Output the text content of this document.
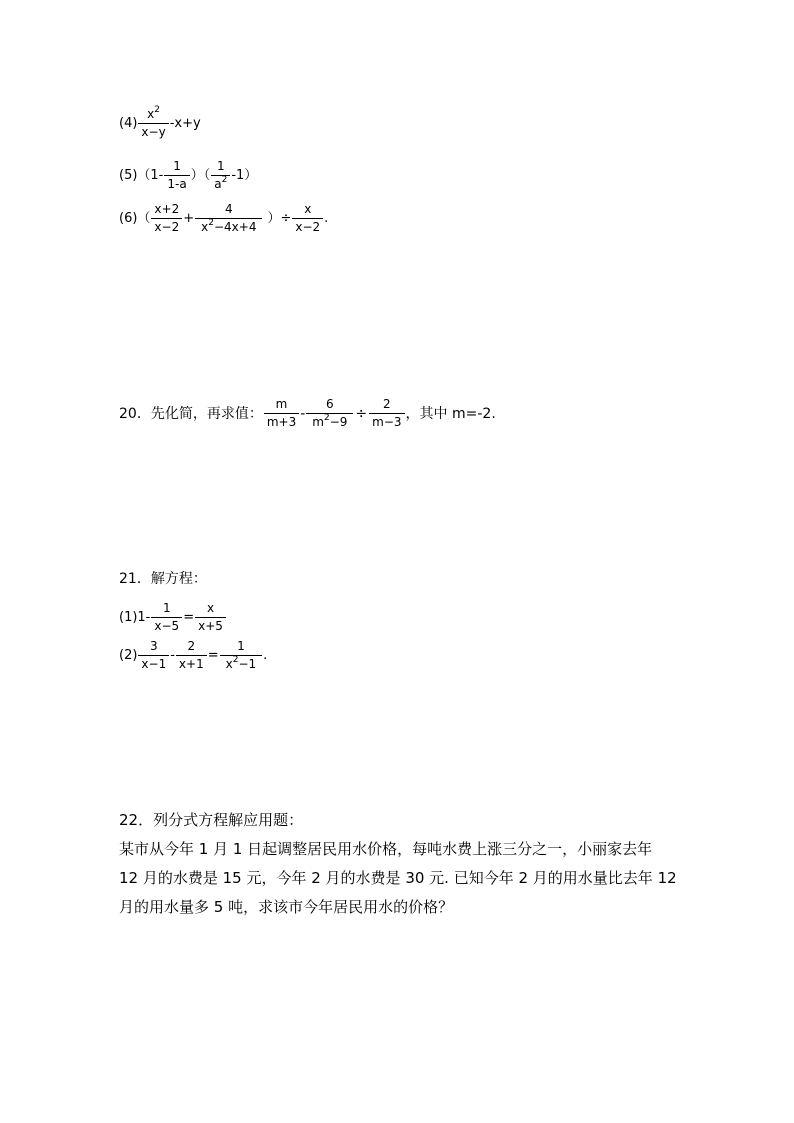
$(4) \frac{x^2}{x-y} -x+y$
$(5)(1- \frac{1}{1-a}$ ）（ $\frac{1}{a^2} -1$）
$(6)( \frac{x+2}{x-2} + \frac{4}{x^2-4x+4}$ ）÷ $\frac{x}{x-2}$ .
20．先化简，再求值： $\frac{m}{m+3} - \frac{6}{m^2-9} \div \frac{2}{m-3}$ ，其中 m=-2.
21．解方程：
$(1)1- \frac{1}{x-5} = \frac{x}{x+5}$
$(2) \frac{3}{x-1} - \frac{2}{x+1} = \frac{1}{x^2-1}$ .

22．列分式方程解应用题：

某市从今年 1 月 1 日起调整居民用水价格，每吨水费上涨三分之一，小丽家去年

12 月的水费是 15 元，今年 2 月的水费是 30 元. 已知今年 2 月的用水量比去年 12

月的用水量多 5 吨，求该市今年居民用水的价格？
